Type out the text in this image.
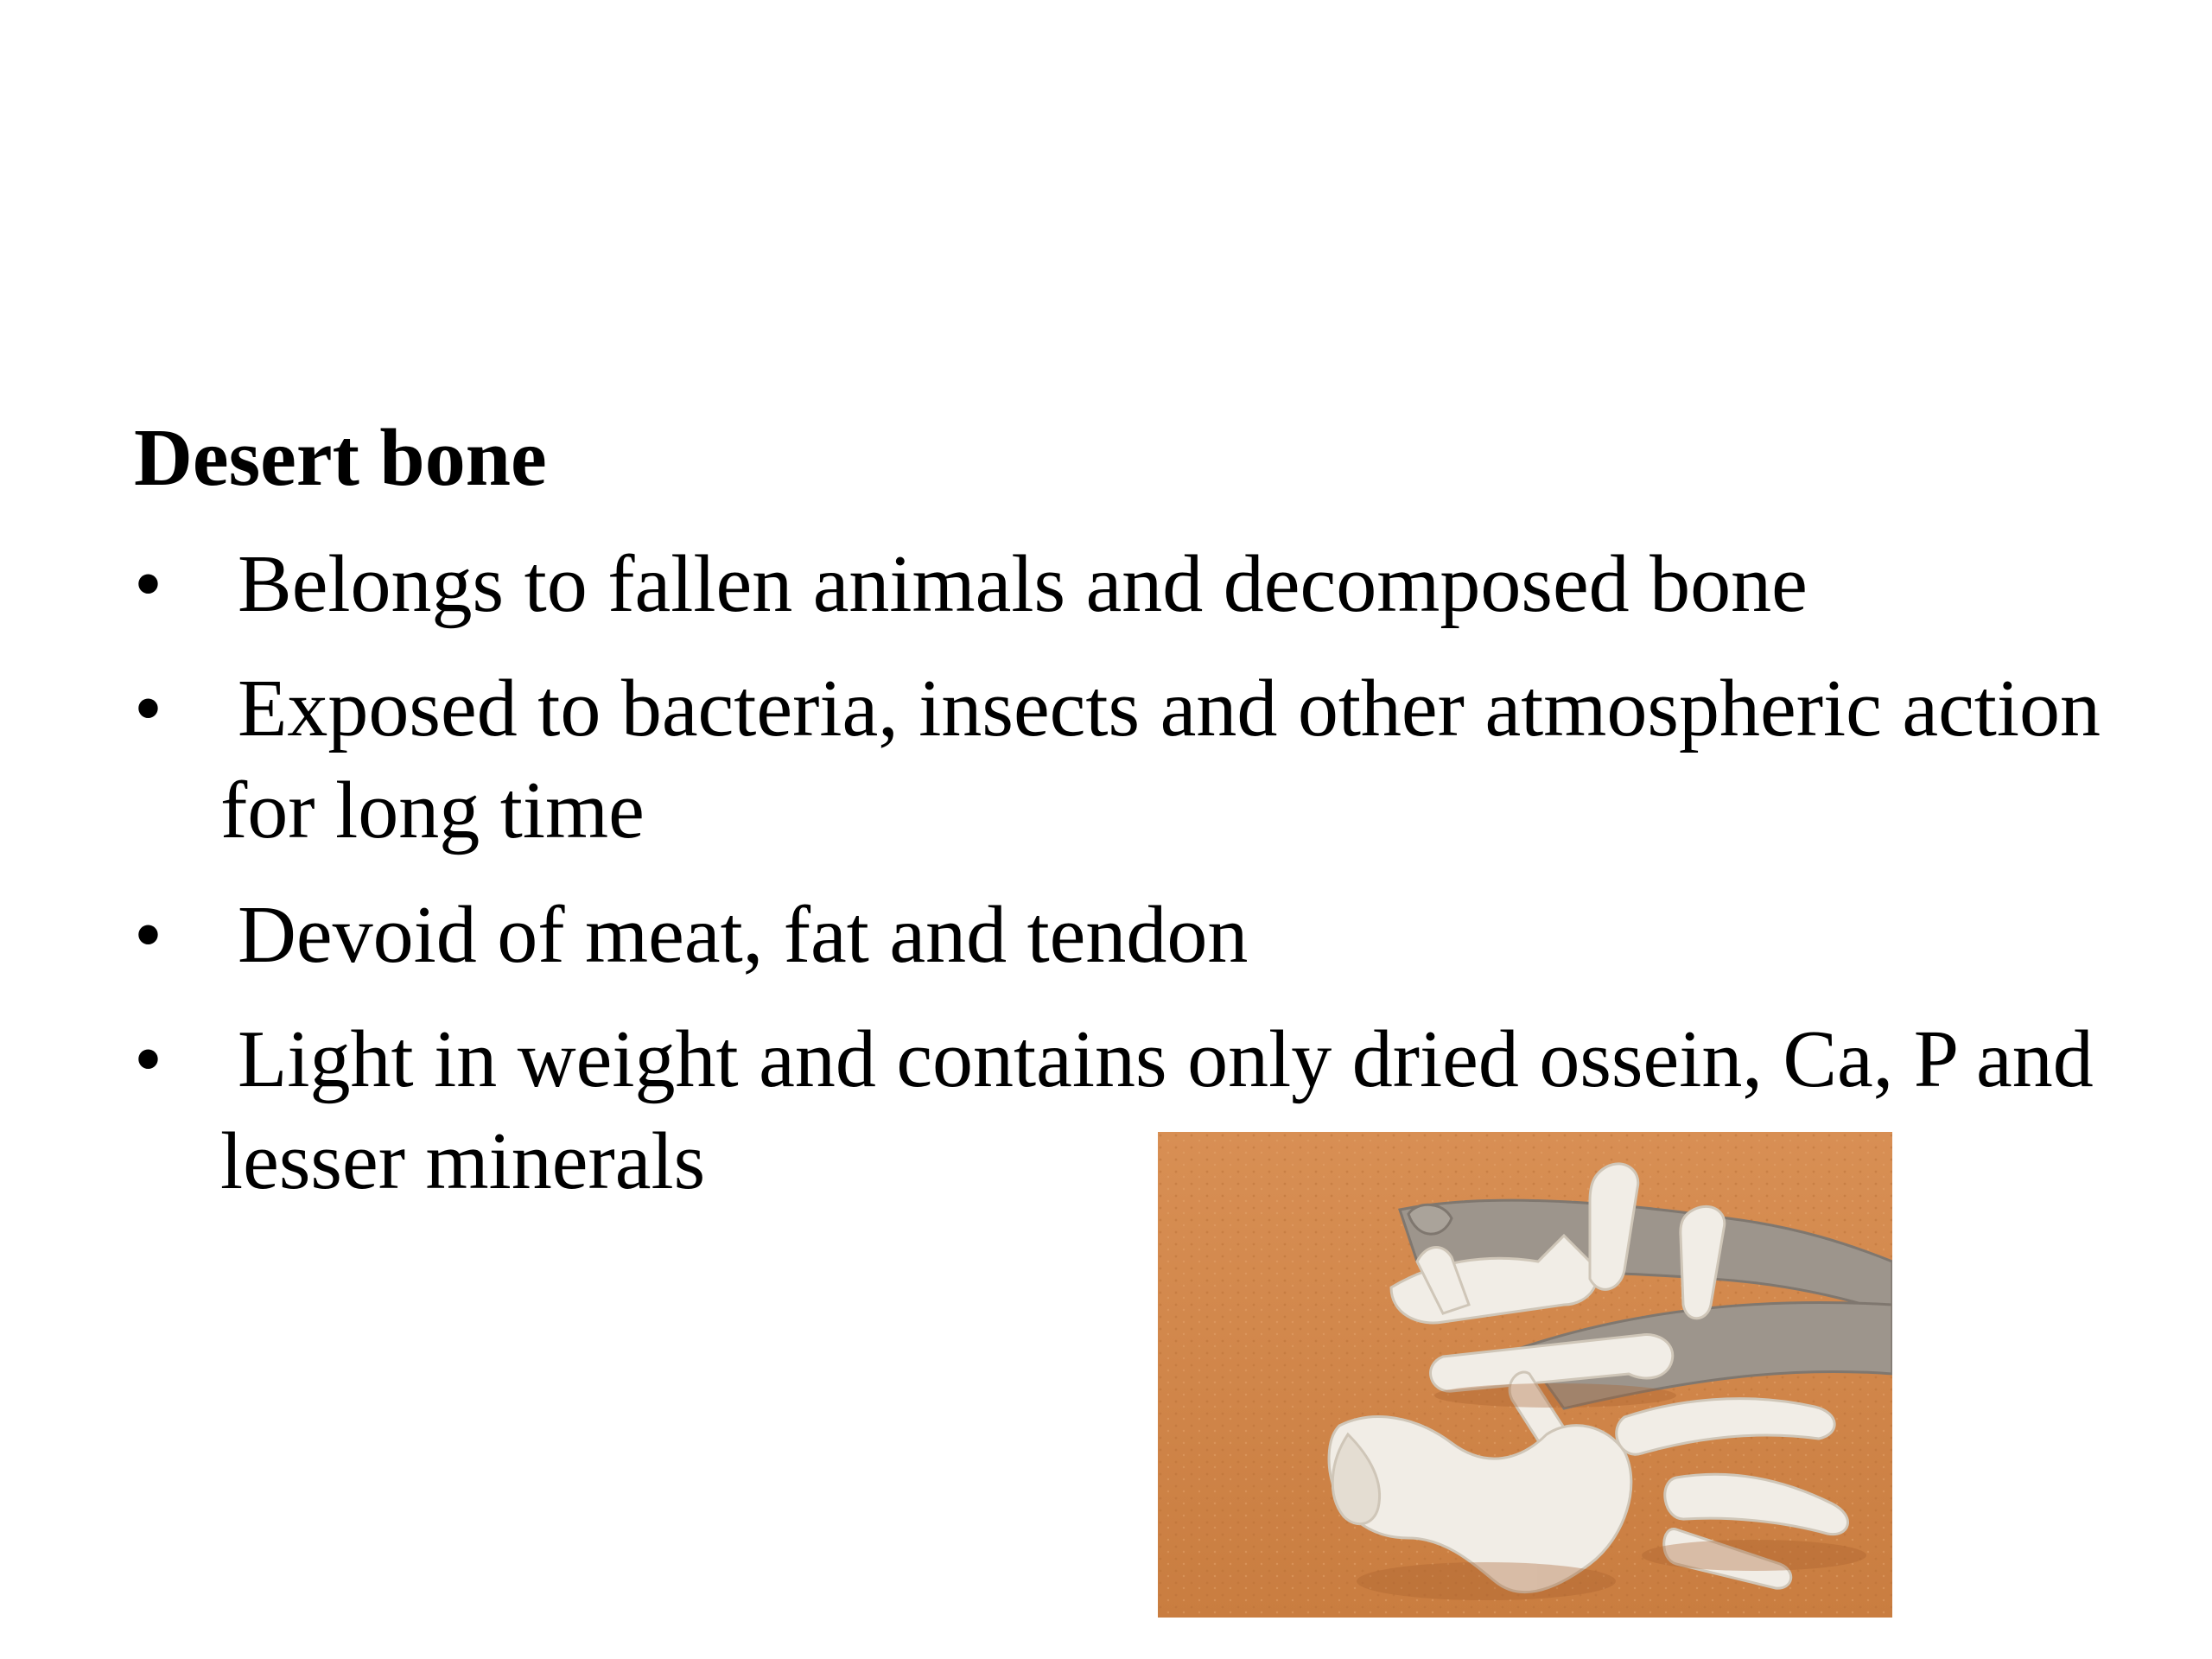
Desert bone
• Belongs to fallen animals and decomposed bone
• Exposed to bacteria, insects and other atmospheric action for long time
• Devoid of meat, fat and tendon
• Light in weight and contains only dried ossein, Ca, P and lesser minerals
